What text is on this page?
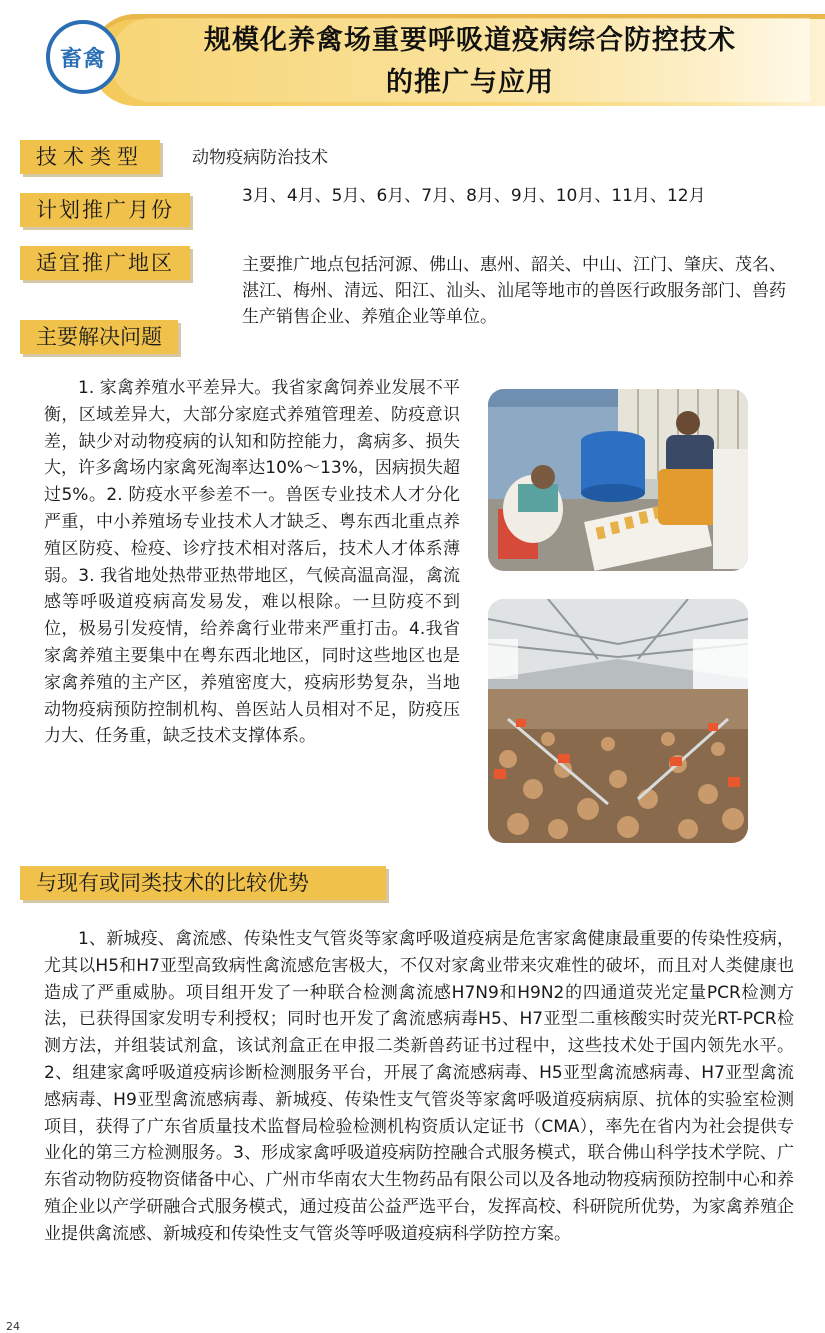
畜禽
规模化养禽场重要呼吸道疫病综合防控技术
的推广与应用
技术类型	动物疫病防治技术
计划推广月份
3月、4月、5月、6月、7月、8月、9月、10月、11月、12月
适宜推广地区	主要推广地点包括河源、佛山、惠州、韶关、中山、江门、肇庆、茂名、湛江、梅州、清远、阳江、汕头、汕尾等地市的兽医行政服务部门、兽药生产销售企业、养殖企业等单位。
主要解决问题
1. 家禽养殖水平差异大。我省家禽饲养业发展不平衡，区域差异大，大部分家庭式养殖管理差、防疫意识差，缺少对动物疫病的认知和防控能力，禽病多、损失大，许多禽场内家禽死淘率达10%～13%，因病损失超过5%。2. 防疫水平参差不一。兽医专业技术人才分化严重，中小养殖场专业技术人才缺乏、粤东西北重点养殖区防疫、检疫、诊疗技术相对落后，技术人才体系薄弱。3. 我省地处热带亚热带地区，气候高温高湿，禽流感等呼吸道疫病高发易发，难以根除。一旦防疫不到位，极易引发疫情，给养禽行业带来严重打击。4.我省家禽养殖主要集中在粤东西北地区，同时这些地区也是家禽养殖的主产区，养殖密度大，疫病形势复杂，当地动物疫病预防控制机构、兽医站人员相对不足，防疫压力大、任务重，缺乏技术支撑体系。
与现有或同类技术的比较优势
1、新城疫、禽流感、传染性支气管炎等家禽呼吸道疫病是危害家禽健康最重要的传染性疫病，尤其以H5和H7亚型高致病性禽流感危害极大，不仅对家禽业带来灾难性的破坏，而且对人类健康也造成了严重威胁。项目组开发了一种联合检测禽流感H7N9和H9N2的四通道荧光定量PCR检测方法，已获得国家发明专利授权；同时也开发了禽流感病毒H5、H7亚型二重核酸实时荧光RT-PCR检测方法，并组装试剂盒，该试剂盒正在申报二类新兽药证书过程中，这些技术处于国内领先水平。2、组建家禽呼吸道疫病诊断检测服务平台，开展了禽流感病毒、H5亚型禽流感病毒、H7亚型禽流感病毒、H9亚型禽流感病毒、新城疫、传染性支气管炎等家禽呼吸道疫病病原、抗体的实验室检测项目，获得了广东省质量技术监督局检验检测机构资质认定证书（CMA），率先在省内为社会提供专业化的第三方检测服务。3、形成家禽呼吸道疫病防控融合式服务模式，联合佛山科学技术学院、广东省动物防疫物资储备中心、广州市华南农大生物药品有限公司以及各地动物疫病预防控制中心和养殖企业以产学研融合式服务模式，通过疫苗公益严选平台，发挥高校、科研院所优势，为家禽养殖企业提供禽流感、新城疫和传染性支气管炎等呼吸道疫病科学防控方案。
24
